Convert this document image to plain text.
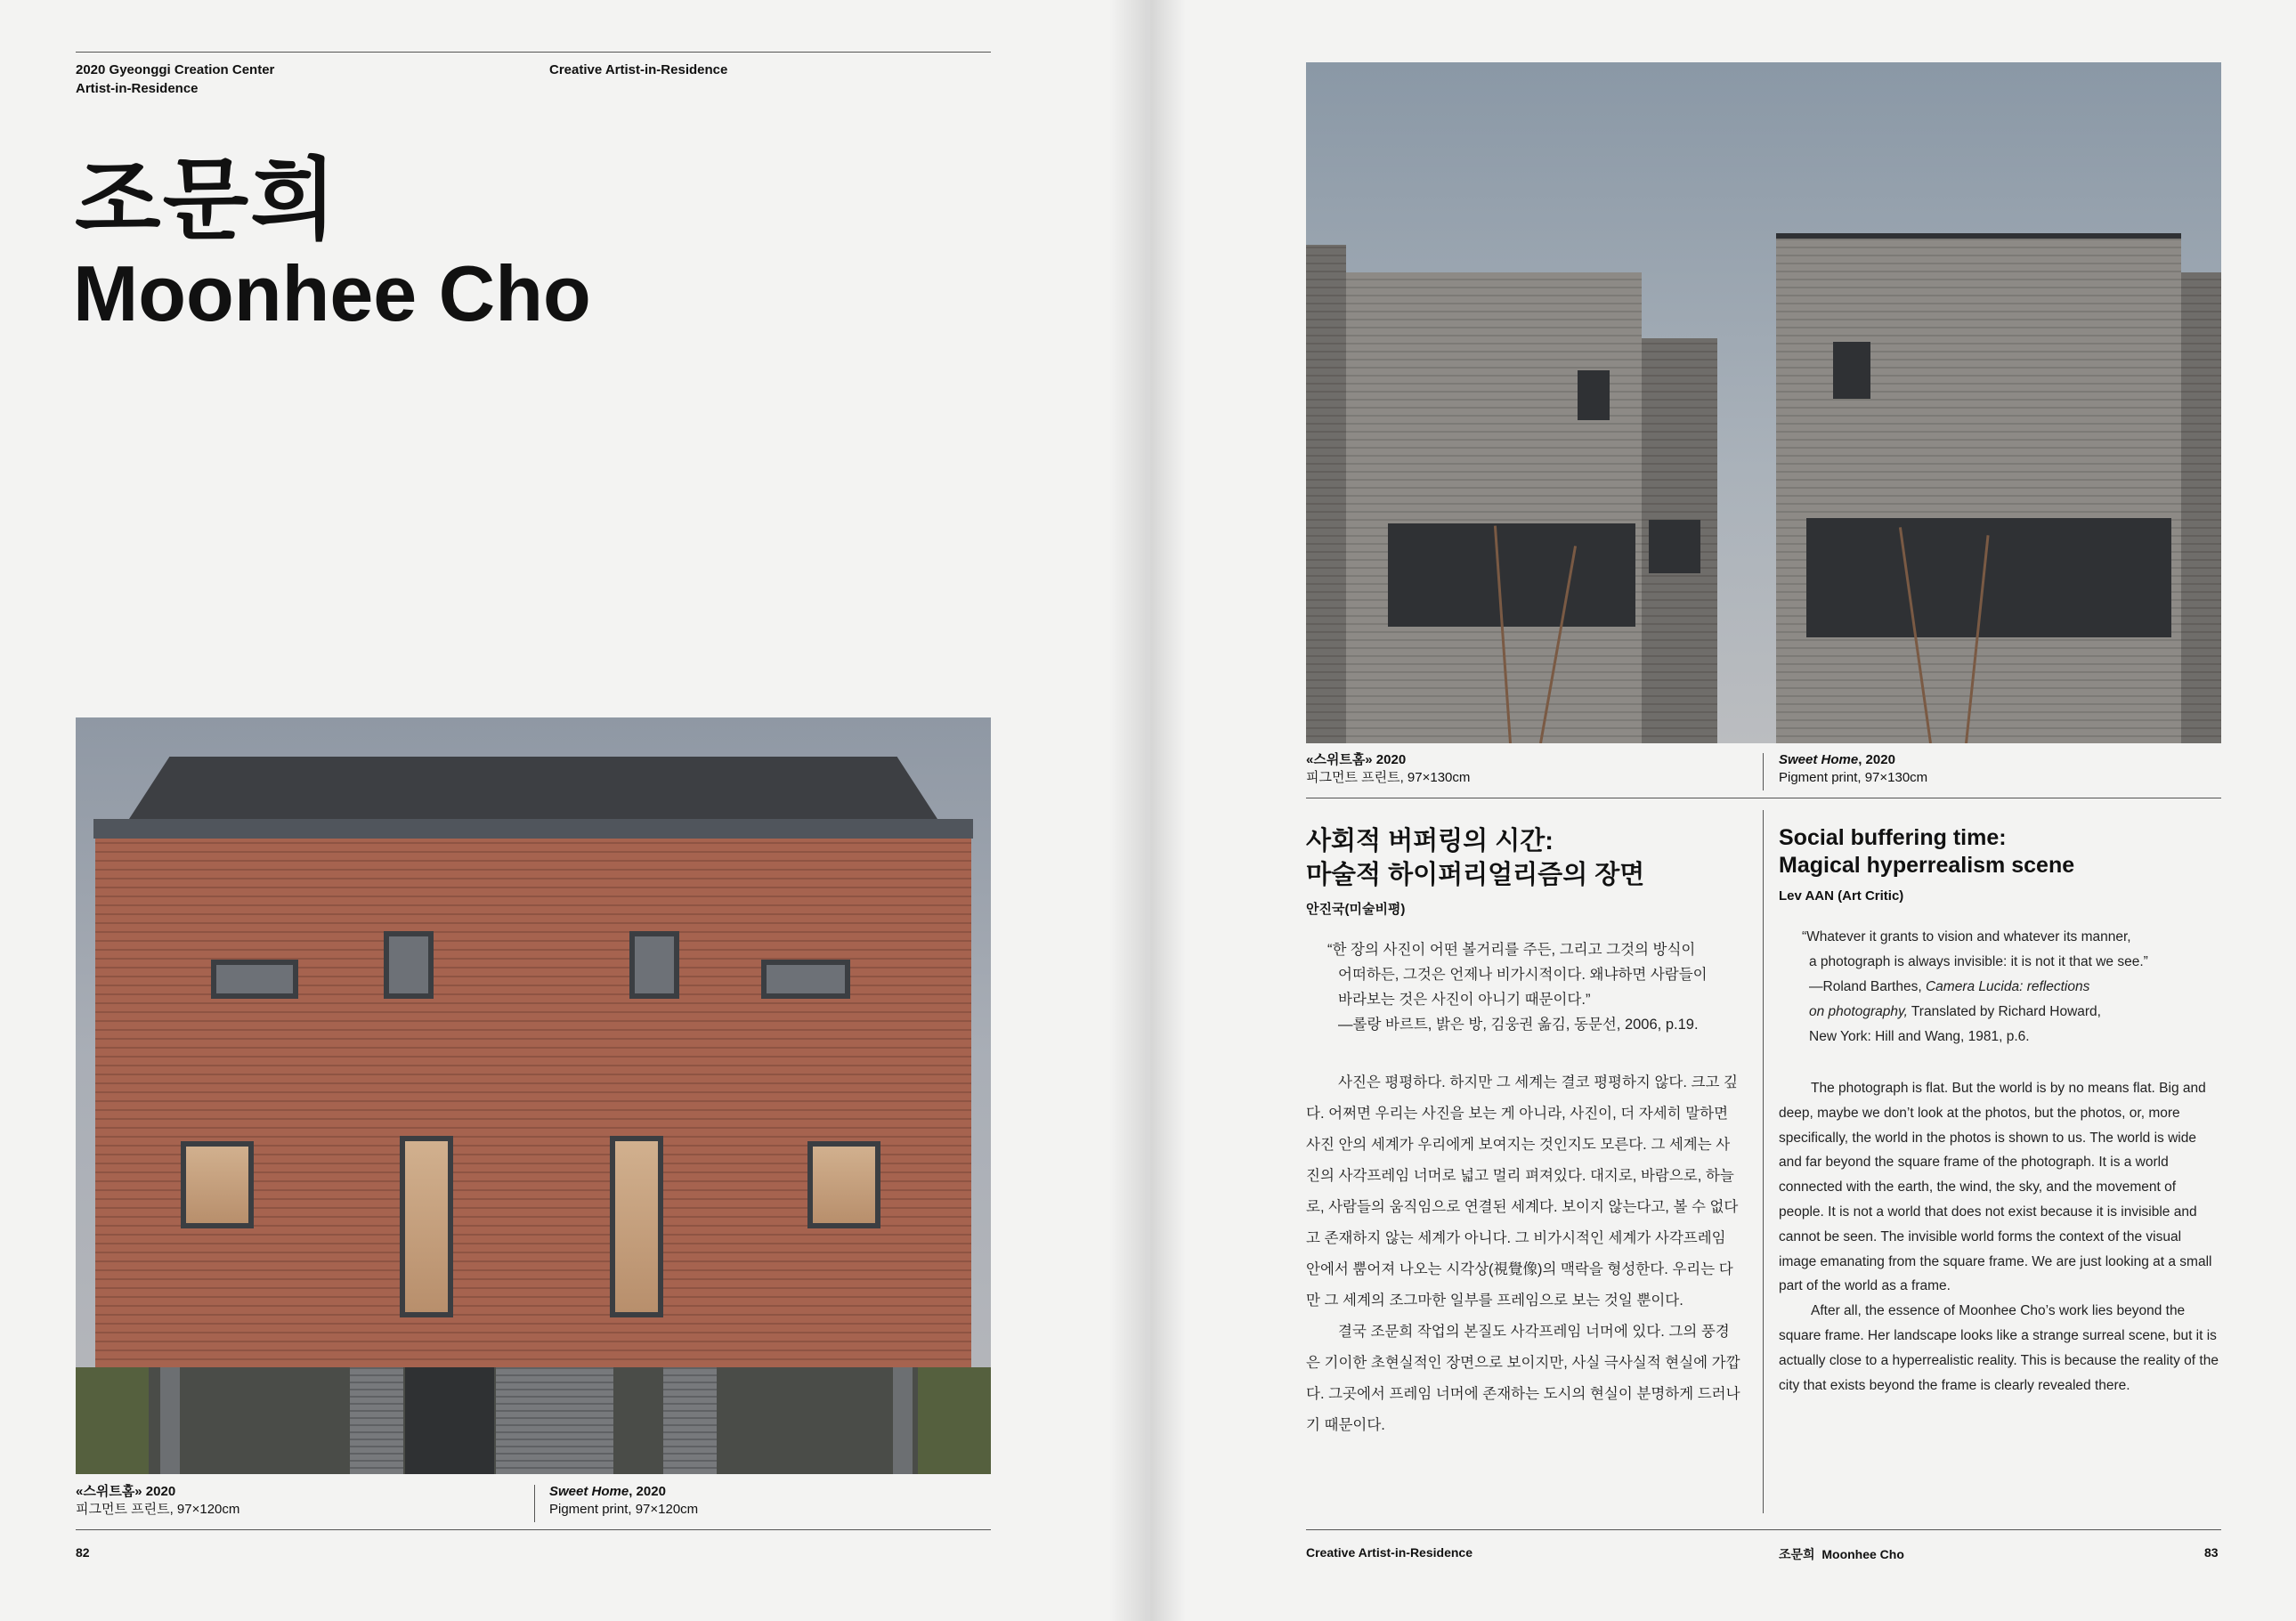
2020 Gyeonggi Creation Center
Artist-in-Residence
Creative Artist-in-Residence
조문희
Moonhee Cho
«스위트홈» 2020
피그먼트 프린트, 97×120cm
Sweet Home, 2020
Pigment print, 97×120cm
82
«스위트홈» 2020
피그먼트 프린트, 97×130cm
Sweet Home, 2020
Pigment print, 97×130cm
사회적 버퍼링의 시간:
마술적 하이퍼리얼리즘의 장면
안진국(미술비평)
“한 장의 사진이 어떤 볼거리를 주든, 그리고 그것의 방식이
어떠하든, 그것은 언제나 비가시적이다. 왜냐하면 사람들이
바라보는 것은 사진이 아니기 때문이다.”
—롤랑 바르트, 밝은 방, 김웅권 옮김, 동문선, 2006, p.19.

사진은 평평하다. 하지만 그 세계는 결코 평평하지 않다. 크고 깊다. 어쩌면 우리는 사진을 보는 게 아니라, 사진이, 더 자세히 말하면 사진 안의 세계가 우리에게 보여지는 것인지도 모른다. 그 세계는 사진의 사각프레임 너머로 넓고 멀리 펴져있다. 대지로, 바람으로, 하늘로, 사람들의 움직임으로 연결된 세계다. 보이지 않는다고, 볼 수 없다고 존재하지 않는 세계가 아니다. 그 비가시적인 세계가 사각프레임 안에서 뿜어져 나오는 시각상(視覺像)의 맥락을 형성한다. 우리는 다만 그 세계의 조그마한 일부를 프레임으로 보는 것일 뿐이다.

결국 조문희 작업의 본질도 사각프레임 너머에 있다. 그의 풍경은 기이한 초현실적인 장면으로 보이지만, 사실 극사실적 현실에 가깝다. 그곳에서 프레임 너머에 존재하는 도시의 현실이 분명하게 드러나기 때문이다.

Social buffering time:
Magical hyperrealism scene
Lev AAN (Art Critic)
“Whatever it grants to vision and whatever its manner,
a photograph is always invisible: it is not it that we see.”
—Roland Barthes, Camera Lucida: reflections
on photography, Translated by Richard Howard,
New York: Hill and Wang, 1981, p.6.

The photograph is flat. But the world is by no means flat. Big and deep, maybe we don’t look at the photos, but the photos, or, more specifically, the world in the photos is shown to us. The world is wide and far beyond the square frame of the photograph. It is a world connected with the earth, the wind, the sky, and the movement of people. It is not a world that does not exist because it is invisible and cannot be seen. The invisible world forms the context of the visual image emanating from the square frame. We are just looking at a small part of the world as a frame.

After all, the essence of Moonhee Cho’s work lies beyond the square frame. Her landscape looks like a strange surreal scene, but it is actually close to a hyperrealistic reality. This is because the reality of the city that exists beyond the frame is clearly revealed there.

Creative Artist-in-Residence	조문희  Moonhee Cho	83
